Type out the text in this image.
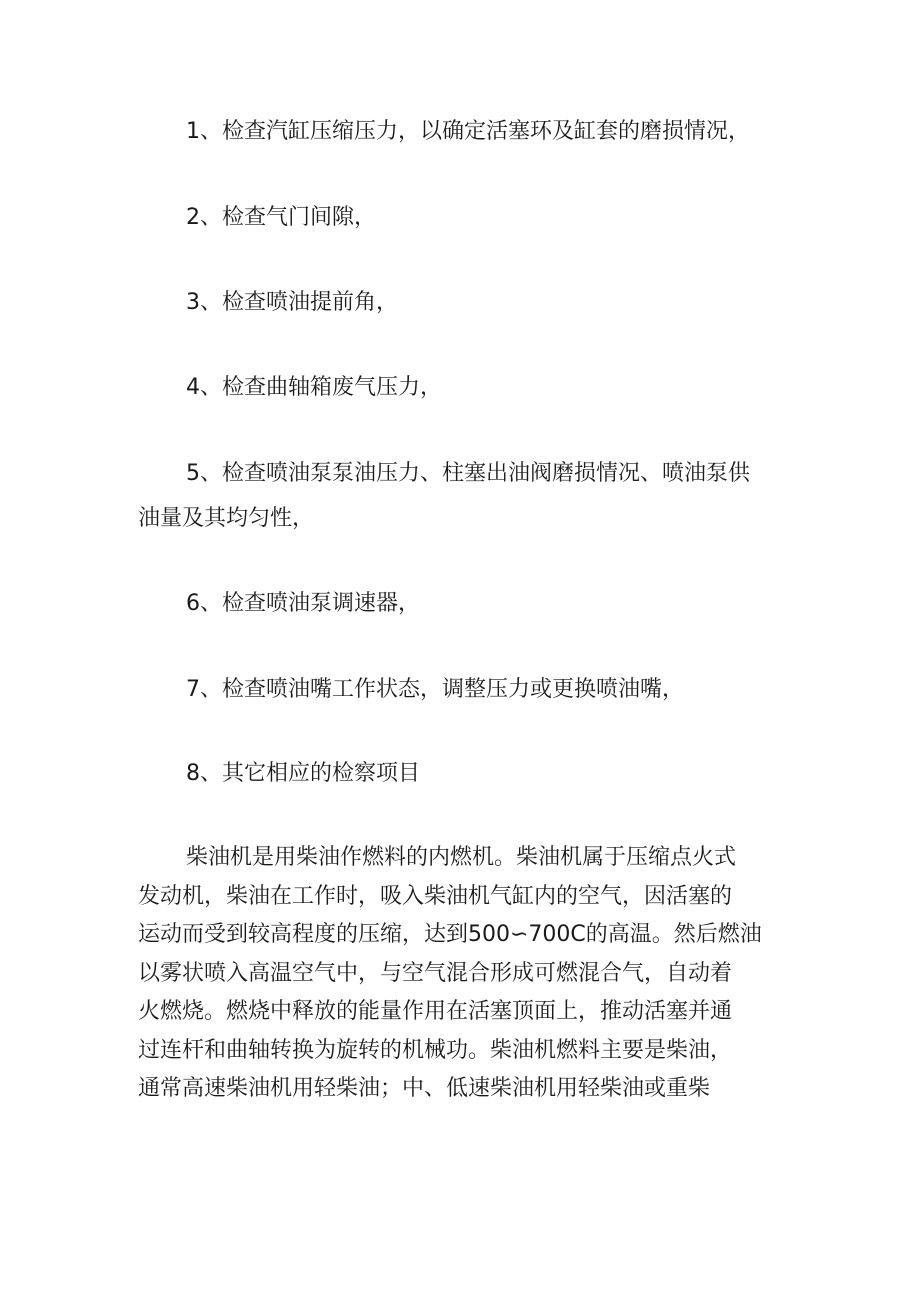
1、检查汽缸压缩压力，以确定活塞环及缸套的磨损情况，
2、检查气门间隙，
3、检查喷油提前角，
4、检查曲轴箱废气压力，
5、检查喷油泵泵油压力、柱塞出油阀磨损情况、喷油泵供
油量及其均匀性，
6、检查喷油泵调速器，
7、检查喷油嘴工作状态，调整压力或更换喷油嘴，
8、其它相应的检察项目
柴油机是用柴油作燃料的内燃机。柴油机属于压缩点火式
发动机，柴油在工作时，吸入柴油机气缸内的空气，因活塞的
运动而受到较高程度的压缩，达到500∽700C的高温。然后燃油
以雾状喷入高温空气中，与空气混合形成可燃混合气，自动着
火燃烧。燃烧中释放的能量作用在活塞顶面上，推动活塞并通
过连杆和曲轴转换为旋转的机械功。柴油机燃料主要是柴油，
通常高速柴油机用轻柴油；中、低速柴油机用轻柴油或重柴
